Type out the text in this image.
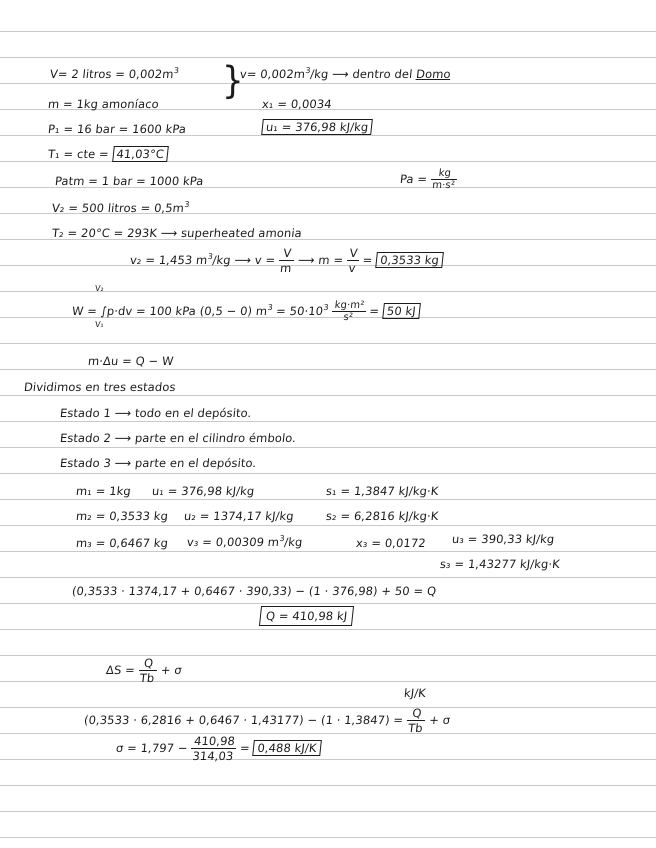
V= 2 litros = $0,002m^3$ }
$v= 0,002m^3/kg$ ⟶ dentro del Domo
m = 1kg amoníaco	x₁ = 0,0034
P₁ = 16 bar = 1600 kPa	u₁ = 376,98 kJ/kg
T₁ = cte = 41,03°C
Patm = 1 bar = 1000 kPa	$Pa = \frac{kg}{\text{m·s²}}$
V₂ = 500 litros = $0,5m^3$
T₂ = 20°C = 293K ⟶ superheated amonia
v₂ = 1,453 $m^3/kg$ ⟶ $v = \frac{V}{m}$ ⟶ $m = \frac{V}{v} = 0,3533$ kg
V₂
V₁
W = ∫p·dv = 100 kPa (0,5 − 0) $m^3 = 50\cdot 10^3 \frac{\text{kg·m²}}{\text{s²}} = 50$ kJ
m·Δu = Q − W
Dividimos en tres estados
Estado 1 ⟶ todo en el depósito.
Estado 2 ⟶ parte en el cilindro émbolo.
Estado 3 ⟶ parte en el depósito.
m₁ = 1kg u₁ = 376,98 kJ/kg	s₁ = 1,3847 kJ/kg·K
m₂ = 0,3533 kg u₂ = 1374,17 kJ/kg	s₂ = 6,2816 kJ/kg·K
m₃ = 0,6467 kg v₃ = 0,00309 $m^3/kg$	x₃ = 0,0172 u₃ = 390,33 kJ/kg
s₃ = 1,43277 kJ/kg·K
(0,3533 · 1374,17 + 0,6467 · 390,33) − (1 · 376,98) + 50 = Q
Q = 410,98 kJ
$\Delta S = \frac{Q}{Tb} + \sigma$
kJ/K
$(0,3533 \cdot 6,2816 + 0,6467 \cdot 1,43177) - (1 \cdot 1,3847) = \frac{Q}{Tb} + \sigma$
$\sigma = 1,797 - \frac{410,98}{314,03} = 0,488$ kJ/K
